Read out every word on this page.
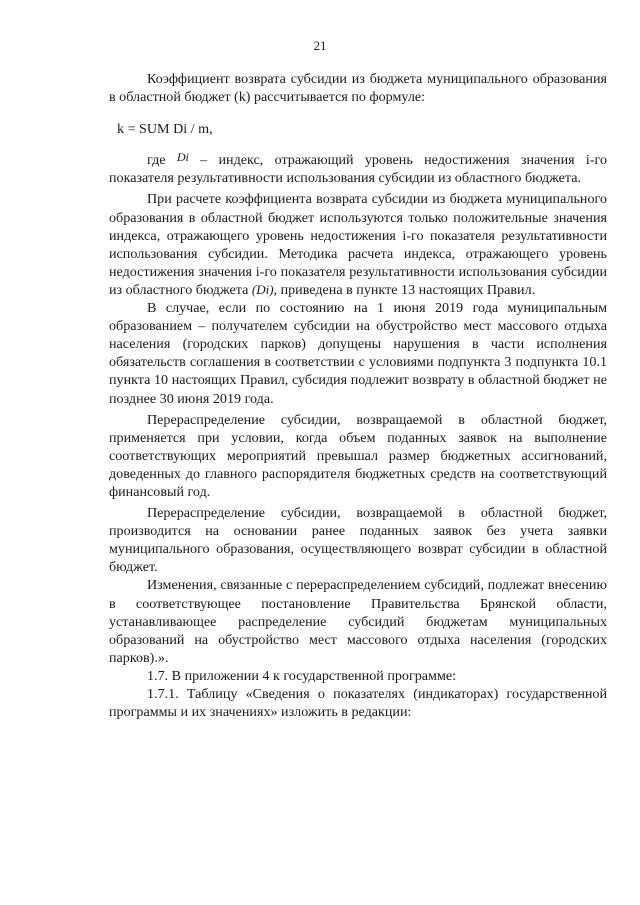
21

Коэффициент возврата субсидии из бюджета муниципального образования в областной бюджет (k) рассчитывается по формуле:

k = SUM Di / m,

где Di – индекс, отражающий уровень недостижения значения i-го показателя результативности использования субсидии из областного бюджета.

При расчете коэффициента возврата субсидии из бюджета муниципального образования в областной бюджет используются только положительные значения индекса, отражающего уровень недостижения i-го показателя результативности использования субсидии. Методика расчета индекса, отражающего уровень недостижения значения i-го показателя результативности использования субсидии из областного бюджета (Di), приведена в пункте 13 настоящих Правил.

В случае, если по состоянию на 1 июня 2019 года муниципальным образованием – получателем субсидии на обустройство мест массового отдыха населения (городских парков) допущены нарушения в части исполнения обязательств соглашения в соответствии с условиями подпункта 3 подпункта 10.1 пункта 10 настоящих Правил, субсидия подлежит возврату в областной бюджет не позднее 30 июня 2019 года.

Перераспределение субсидии, возвращаемой в областной бюджет, применяется при условии, когда объем поданных заявок на выполнение соответствующих мероприятий превышал размер бюджетных ассигнований, доведенных до главного распорядителя бюджетных средств на соответствующий финансовый год.

Перераспределение субсидии, возвращаемой в областной бюджет, производится на основании ранее поданных заявок без учета заявки муниципального образования, осуществляющего возврат субсидии в областной бюджет.

Изменения, связанные с перераспределением субсидий, подлежат внесению в соответствующее постановление Правительства Брянской области, устанавливающее распределение субсидий бюджетам муниципальных образований на обустройство мест массового отдыха населения (городских парков).».

1.7. В приложении 4 к государственной программе:

1.7.1. Таблицу «Сведения о показателях (индикаторах) государственной программы и их значениях» изложить в редакции:
